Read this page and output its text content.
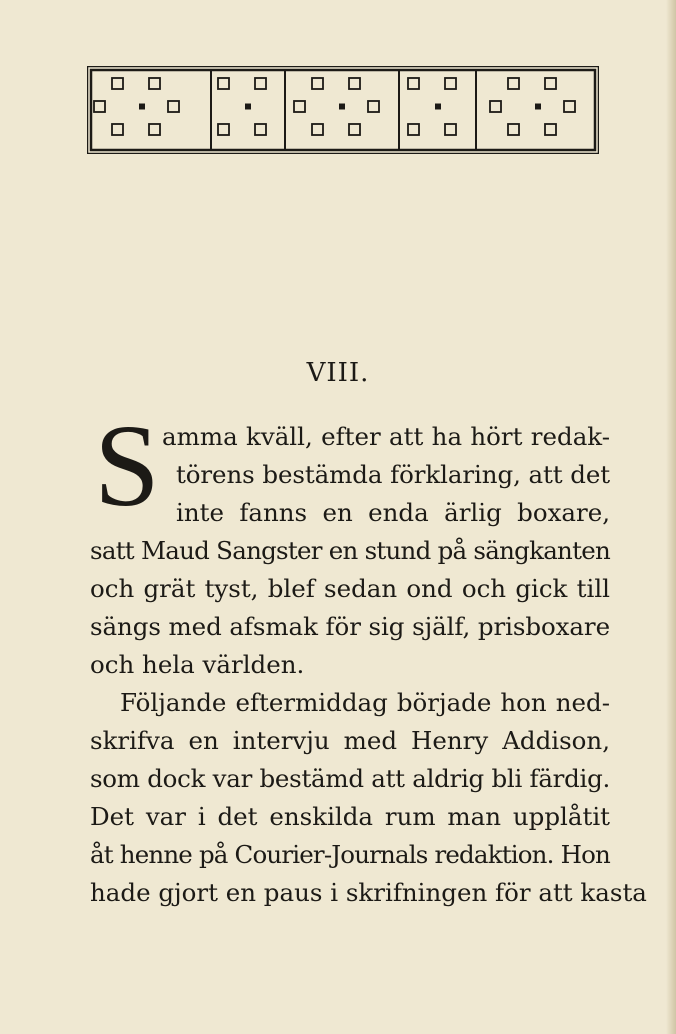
VIII.
S amma kväll, efter att ha hört redak-
törens bestämda förklaring, att det
inte fanns en enda ärlig boxare,
satt Maud Sangster en stund på sängkanten
och grät tyst, blef sedan ond och gick till
sängs med afsmak för sig själf, prisboxare
och hela världen.
Följande eftermiddag började hon ned-
skrifva en intervju med Henry Addison,
som dock var bestämd att aldrig bli färdig.
Det var i det enskilda rum man upplåtit
åt henne på Courier-Journals redaktion. Hon
hade gjort en paus i skrifningen för att kasta
